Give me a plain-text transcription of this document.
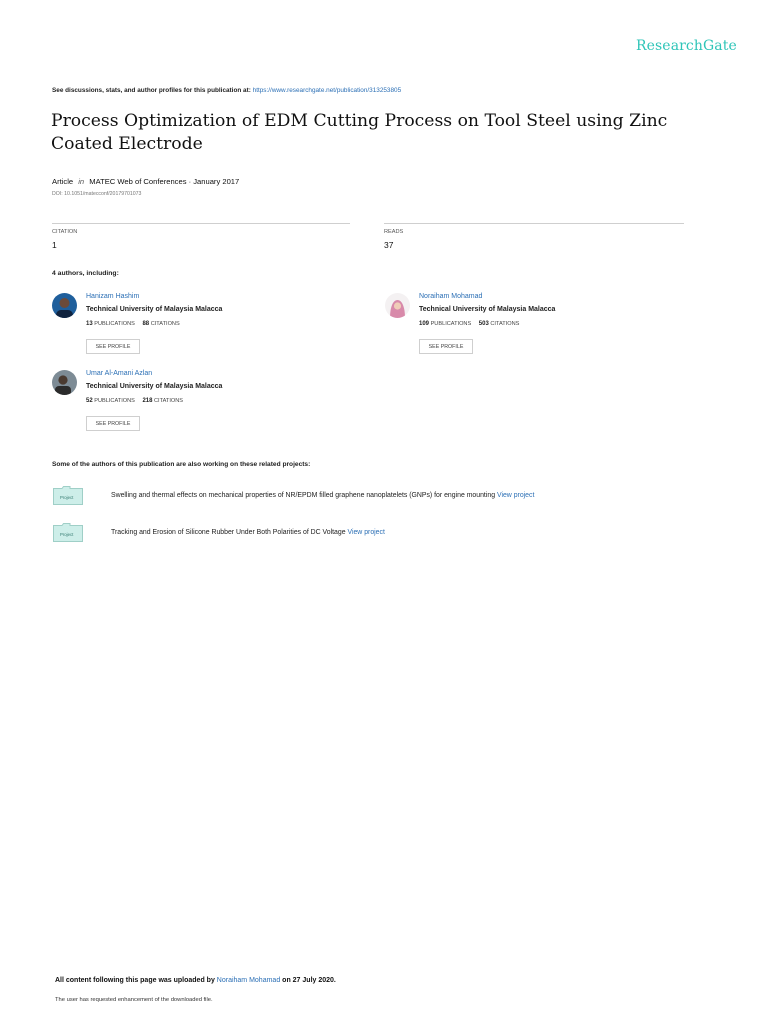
ResearchGate
See discussions, stats, and author profiles for this publication at: https://www.researchgate.net/publication/313253805
Process Optimization of EDM Cutting Process on Tool Steel using Zinc Coated Electrode
Article in MATEC Web of Conferences · January 2017
DOI: 10.1051/matecconf/20179701073
CITATION
1
READS
37
4 authors, including:
Hanizam Hashim
Technical University of Malaysia Malacca
13 PUBLICATIONS 88 CITATIONS
SEE PROFILE
Noraiham Mohamad
Technical University of Malaysia Malacca
109 PUBLICATIONS 503 CITATIONS
SEE PROFILE
Umar Al-Amani Azlan
Technical University of Malaysia Malacca
52 PUBLICATIONS 218 CITATIONS
SEE PROFILE
Some of the authors of this publication are also working on these related projects:
Project	Swelling and thermal effects on mechanical properties of NR/EPDM filled graphene nanoplatelets (GNPs) for engine mounting View project
Project	Tracking and Erosion of Silicone Rubber Under Both Polarities of DC Voltage View project
All content following this page was uploaded by Noraiham Mohamad on 27 July 2020.
The user has requested enhancement of the downloaded file.
